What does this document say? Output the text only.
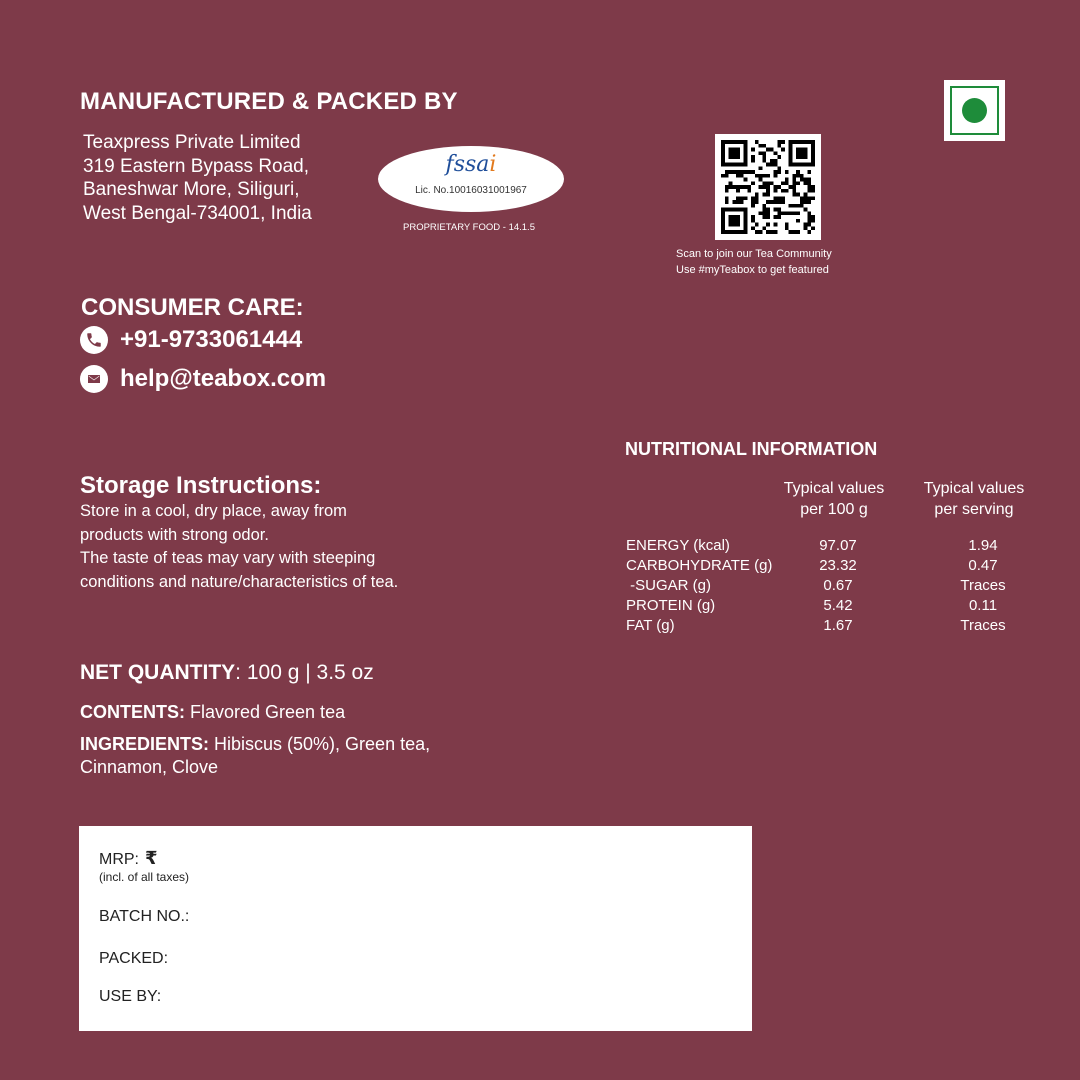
MANUFACTURED & PACKED BY
Teaxpress Private Limited
319 Eastern Bypass Road,
Baneshwar More, Siliguri,
West Bengal-734001, India
fssai
Lic. No.10016031001967
PROPRIETARY FOOD - 14.1.5
Scan to join our Tea Community
Use #myTeabox to get featured
CONSUMER CARE:
+91-9733061444
help@teabox.com
Storage Instructions:
Store in a cool, dry place, away from
products with strong odor.
The taste of teas may vary with steeping
conditions and nature/characteristics of tea.
NET QUANTITY: 100 g | 3.5 oz
CONTENTS: Flavored Green tea
INGREDIENTS: Hibiscus (50%), Green tea, Cinnamon, Clove
NUTRITIONAL INFORMATION
Typical values
per 100 g
Typical values
per serving
ENERGY (kcal)	97.07	1.94
CARBOHYDRATE (g)	23.32	0.47
-SUGAR (g)	0.67	Traces
PROTEIN (g)	5.42	0.11
FAT (g)	1.67	Traces
MRP: ₹
(incl. of all taxes)
BATCH NO.:
PACKED:
USE BY:
